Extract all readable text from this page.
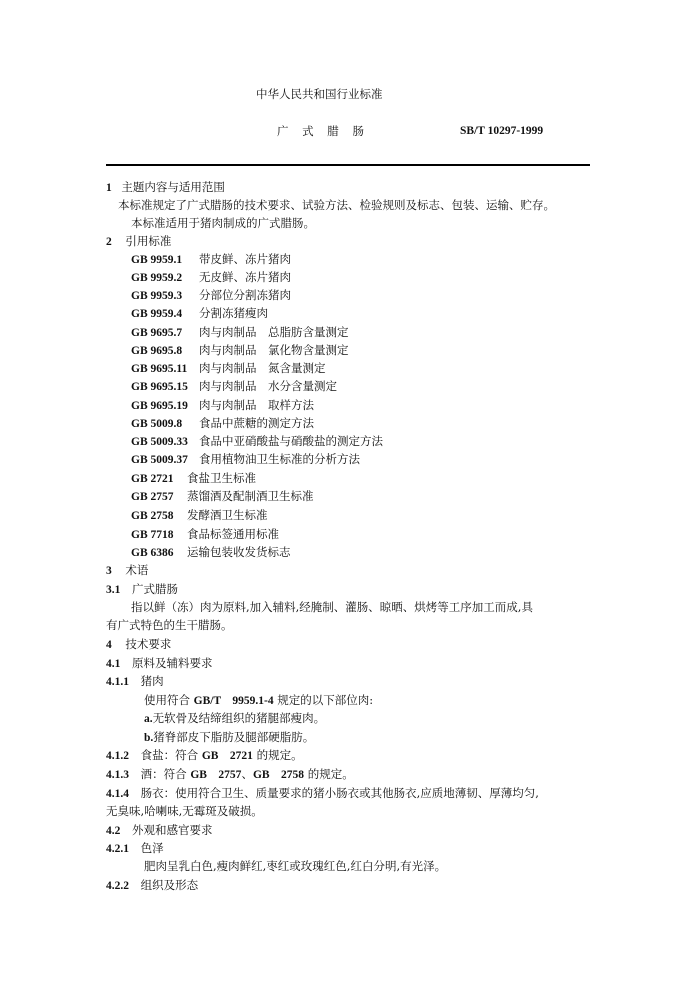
中华人民共和国行业标准
广 式 腊 肠	SB/T 10297-1999
1 主题内容与适用范围
本标准规定了广式腊肠的技术要求、试验方法、检验规则及标志、包装、运输、贮存。
本标准适用于猪肉制成的广式腊肠。
2 引用标准
GB 9959.1 带皮鲜、冻片猪肉
GB 9959.2 无皮鲜、冻片猪肉
GB 9959.3 分部位分割冻猪肉
GB 9959.4 分割冻猪瘦肉
GB 9695.7 肉与肉制品　总脂肪含量测定
GB 9695.8 肉与肉制品　氯化物含量测定
GB 9695.11 肉与肉制品　氮含量测定
GB 9695.15 肉与肉制品　水分含量测定
GB 9695.19 肉与肉制品　取样方法
GB 5009.8 食品中蔗糖的测定方法
GB 5009.33 食品中亚硝酸盐与硝酸盐的测定方法
GB 5009.37 食用植物油卫生标准的分析方法
GB 2721 食盐卫生标准
GB 2757 蒸馏酒及配制酒卫生标准
GB 2758 发酵酒卫生标准
GB 7718 食品标签通用标准
GB 6386 运输包装收发货标志
3 术语
3.1 广式腊肠
指以鲜（冻）肉为原料,加入辅料,经腌制、灌肠、晾晒、烘烤等工序加工而成,具
有广式特色的生干腊肠。
4 技术要求
4.1 原料及辅料要求
4.1.1 猪肉
使用符合 GB/T　9959.1-4 规定的以下部位肉:
a.无软骨及结缔组织的猪腿部瘦肉。
b.猪脊部皮下脂肪及腿部硬脂肪。
4.1.2 食盐：符合 GB　2721 的规定。
4.1.3 酒：符合 GB　2757、GB　2758 的规定。
4.1.4 肠衣：使用符合卫生、质量要求的猪小肠衣或其他肠衣,应质地薄韧、厚薄均匀,
无臭味,哈喇味,无霉斑及破损。
4.2 外观和感官要求
4.2.1 色泽
肥肉呈乳白色,瘦肉鲜红,枣红或玫瑰红色,红白分明,有光泽。
4.2.2 组织及形态
